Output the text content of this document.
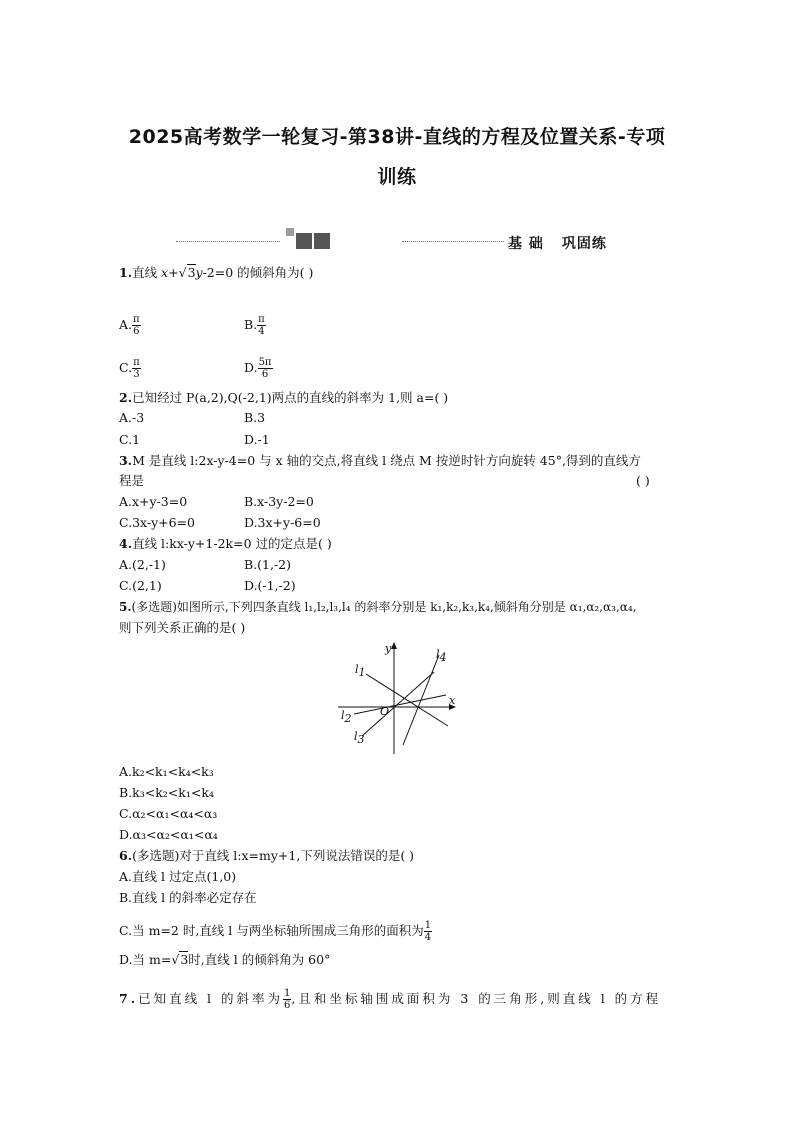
2025高考数学一轮复习-第38讲-直线的方程及位置关系-专项
训练
基 础 巩固练
1.直线 x+√3y-2=0 的倾斜角为( )
A. $\frac{\pi}{6}$	B. $\frac{\pi}{4}$
C. $\frac{\pi}{3}$	D. $\frac{5\pi}{6}$
2.已知经过 P(a,2),Q(-2,1)两点的直线的斜率为 1,则 a=( )
A.-3	B.3
C.1	D.-1
3.M 是直线 l:2x-y-4=0 与 x 轴的交点,将直线 l 绕点 M 按逆时针方向旋转 45°,得到的直线方
程是	( )
A.x+y-3=0	B.x-3y-2=0
C.3x-y+6=0	D.3x+y-6=0
4.直线 l:kx-y+1-2k=0 过的定点是( )
A.(2,-1)	B.(1,-2)
C.(2,1)	D.(-1,-2)
5.(多选题)如图所示,下列四条直线 l₁,l₂,l₃,l₄ 的斜率分别是 k₁,k₂,k₃,k₄,倾斜角分别是 α₁,α₂,α₃,α₄,
则下列关系正确的是( )
y
x
O
l1
l2
l3
l4
A.k₂<k₁<k₄<k₃
B.k₃<k₂<k₁<k₄
C.α₂<α₁<α₄<α₃
D.α₃<α₂<α₁<α₄
6.(多选题)对于直线 l:x=my+1,下列说法错误的是( )
A.直线 l 过定点(1,0)
B.直线 l 的斜率必定存在
C.当 m=2 时,直线 l 与两坐标轴所围成三角形的面积为 $\frac{1}{4}$
D.当 m=√3时,直线 l 的倾斜角为 60°
7.已知直线 l 的斜率为 $\frac{1}{6}$ ,且和坐标轴围成面积为 3 的三角形,则直线 l 的方程
